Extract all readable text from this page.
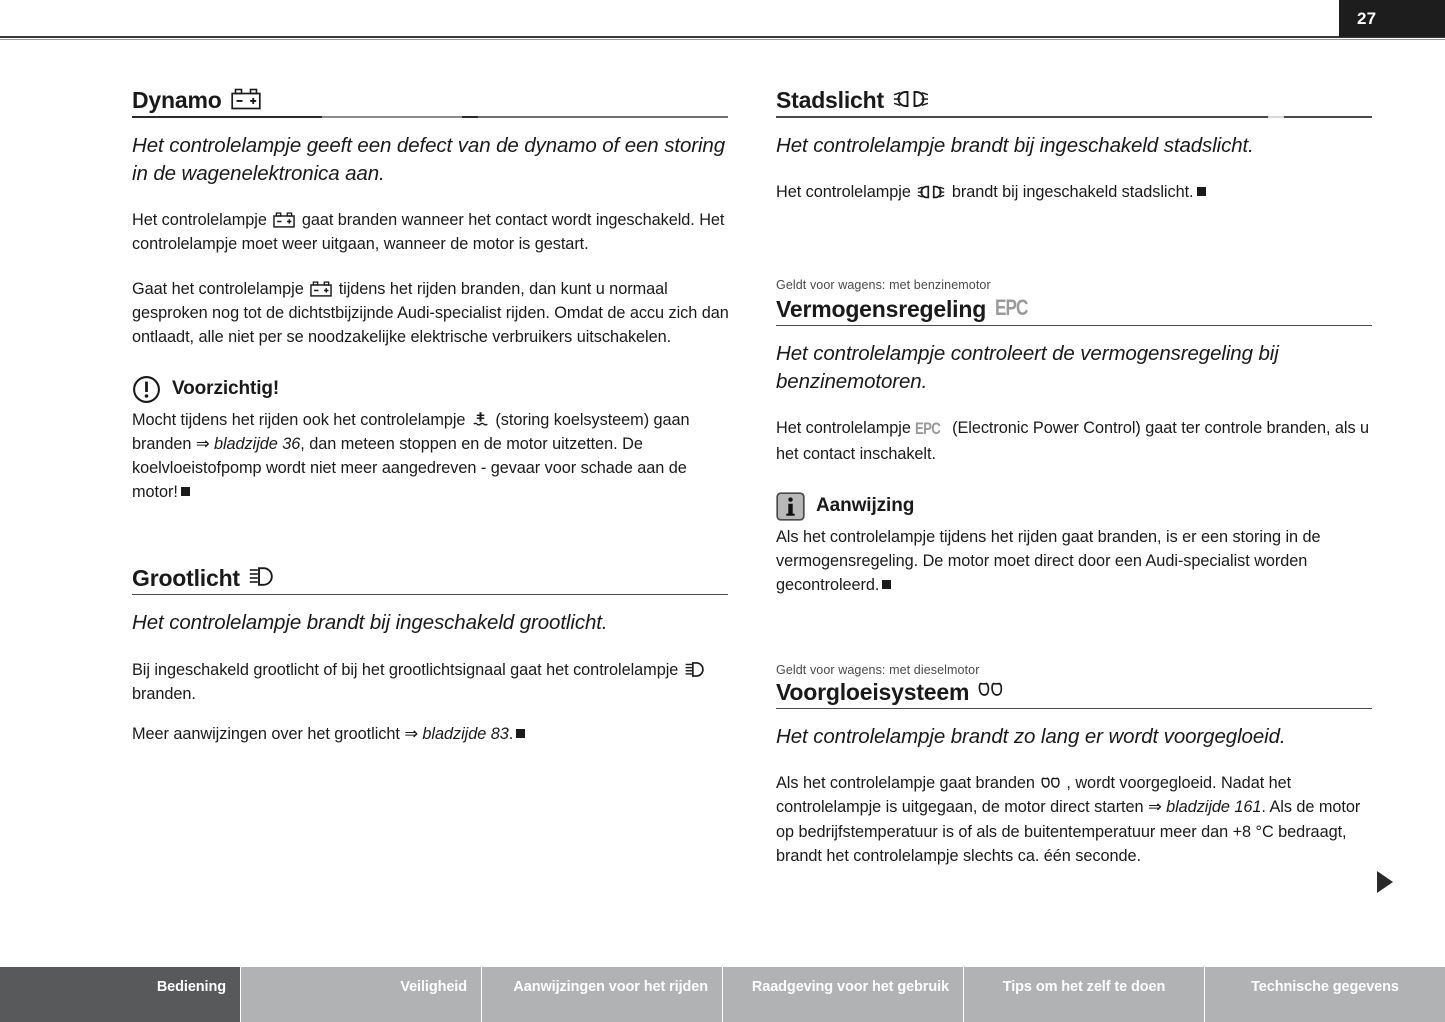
27
Dynamo

Het controlelampje geeft een defect van de dynamo of een storing in de wagenelektronica aan.

Het controlelampje gaat branden wanneer het contact wordt ingeschakeld. Het controlelampje moet weer uitgaan, wanneer de motor is gestart.

Gaat het controlelampje tijdens het rijden branden, dan kunt u normaal gesproken nog tot de dichtstbijzijnde Audi-specialist rijden. Omdat de accu zich dan ontlaadt, alle niet per se noodzakelijke elektrische verbruikers uitschakelen.

Voorzichtig!

Mocht tijdens het rijden ook het controlelampje (storing koelsysteem) gaan branden ⇒ bladzijde 36, dan meteen stoppen en de motor uitzetten. De koelvloeistofpomp wordt niet meer aangedreven - gevaar voor schade aan de motor!

Grootlicht

Het controlelampje brandt bij ingeschakeld grootlicht.

Bij ingeschakeld grootlicht of bij het grootlichtsignaal gaat het controlelampje
branden.

Meer aanwijzingen over het grootlicht ⇒ bladzijde 83.

Stadslicht

Het controlelampje brandt bij ingeschakeld stadslicht.

Het controlelampje	brandt bij ingeschakeld stadslicht.

Geldt voor wagens: met benzinemotor
Vermogensregeling EPC

Het controlelampje controleert de vermogensregeling bij benzinemotoren.

Het controlelampje EPC (Electronic Power Control) gaat ter controle branden, als u het contact inschakelt.

Aanwijzing

Als het controlelampje tijdens het rijden gaat branden, is er een storing in de vermogensregeling. De motor moet direct door een Audi-specialist worden gecontroleerd.

Geldt voor wagens: met dieselmotor
Voorgloeisysteem

Het controlelampje brandt zo lang er wordt voorgegloeid.

Als het controlelampje gaat branden , wordt voorgegloeid. Nadat het controlelampje is uitgegaan, de motor direct starten ⇒ bladzijde 161. Als de motor op bedrijfstemperatuur is of als de buitentemperatuur meer dan +8 °C bedraagt, brandt het controlelampje slechts ca. één seconde.

Bediening	Veiligheid	Aanwijzingen voor het rijden	Raadgeving voor het gebruik	Tips om het zelf te doen	Technische gegevens
